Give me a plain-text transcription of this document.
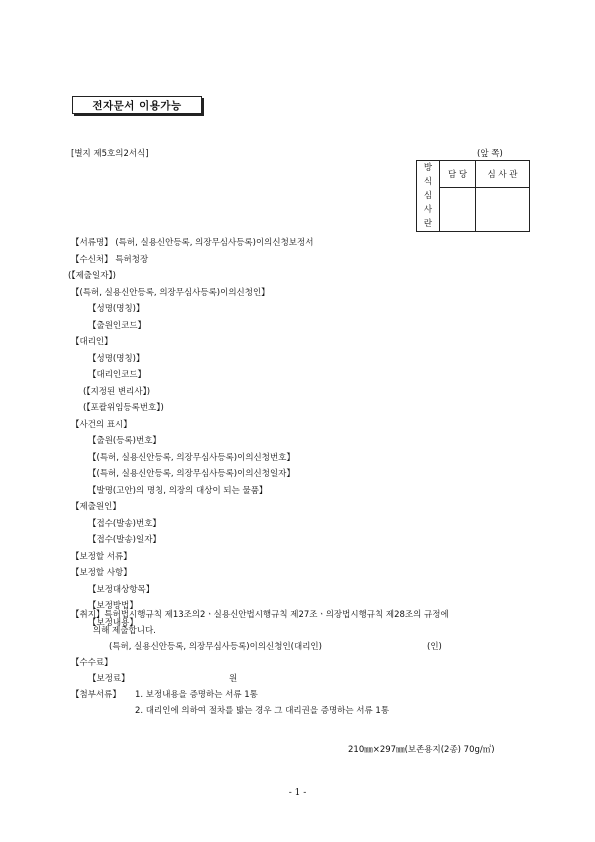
전자문서 이용가능
[별지 제5호의2서식]	(앞 쪽)
방
식
심
사
란	담 당	심 사 관

【서류명】 (특허, 실용신안등록, 의장무심사등록)이의신청보정서
【수신처】 특허청장
(【제출일자】)
【(특허, 실용신안등록, 의장무심사등록)이의신청인】
【성명(명칭)】
【출원인코드】
【대리인】
【성명(명칭)】
【대리인코드】
(【지정된 변리사】)
(【포괄위임등록번호】)
【사건의 표시】
【출원(등록)번호】
【(특허, 실용신안등록, 의장무심사등록)이의신청번호】
【(특허, 실용신안등록, 의장무심사등록)이의신청일자】
【발명(고안)의 명칭, 의장의 대상이 되는 물품】
【제출원인】
【접수(발송)번호】
【접수(발송)일자】
【보정할 서류】
【보정할 사항】
【보정대상항목】
【보정방법】
【보정내용】
【취지】특허법시행규칙 제13조의2ㆍ실용신안법시행규칙 제27조ㆍ의장법시행규칙 제28조의 규정에
의해 제출합니다.
(특허, 실용신안등록, 의장무심사등록)이의신청인(대리인)	(인)
【수수료】
【보정료】	원
【첨부서류】 1. 보정내용을 증명하는 서류 1통
2. 대리인에 의하여 절차를 밟는 경우 그 대리권을 증명하는 서류 1통
210㎜×297㎜(보존용지(2종) 70g/㎡)
- 1 -
